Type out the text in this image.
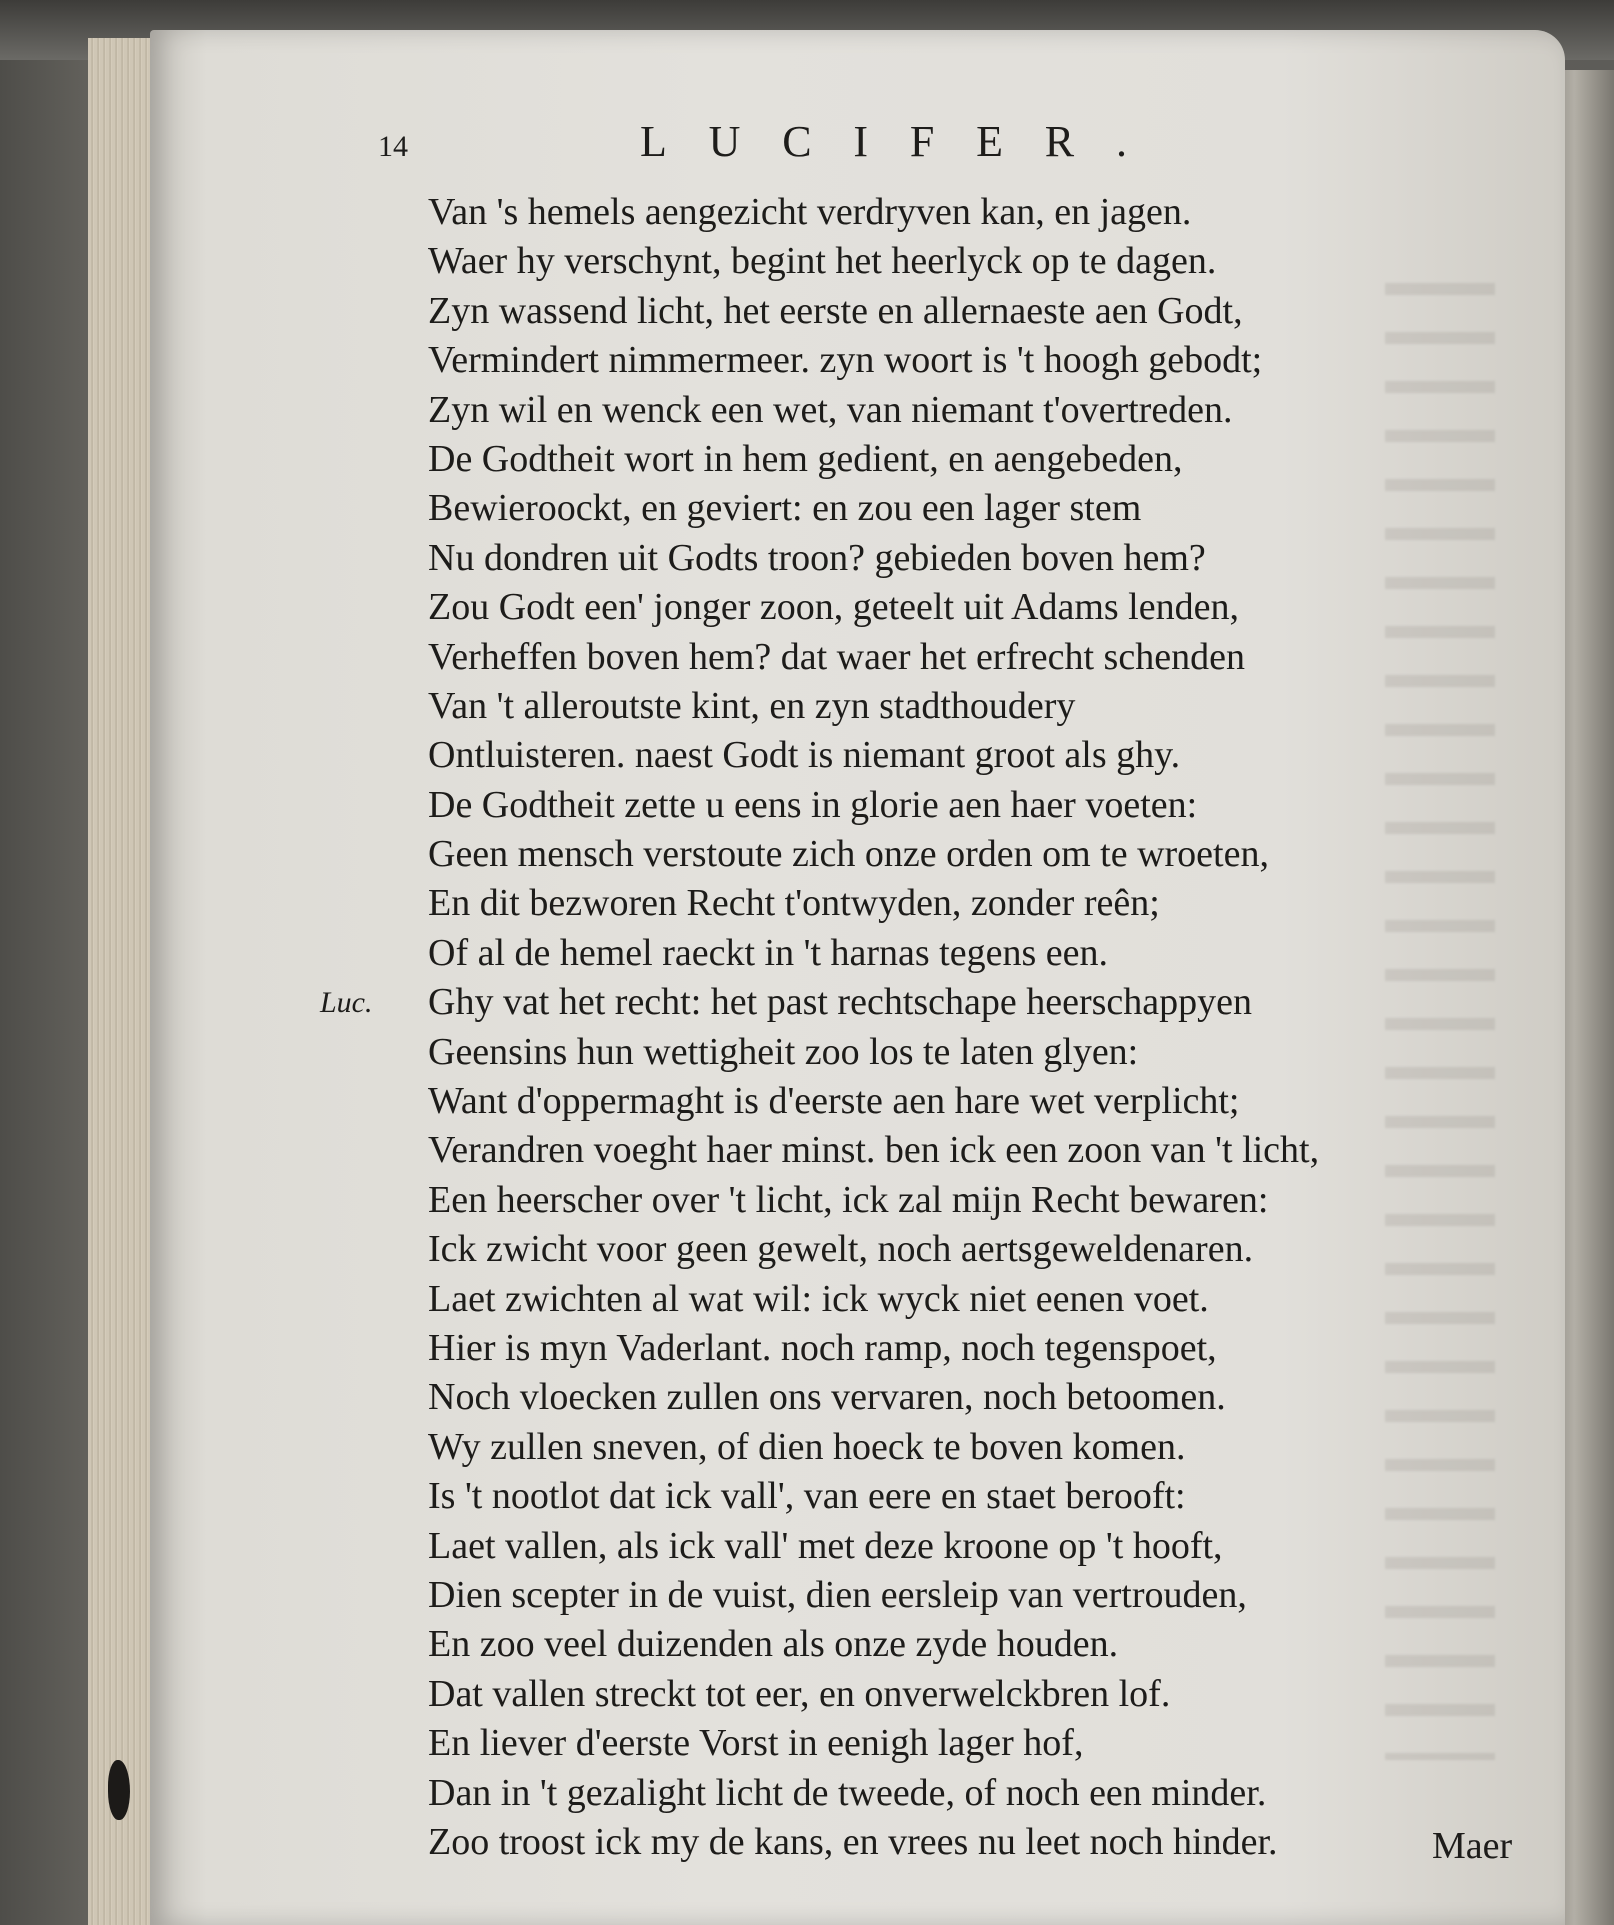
14	LUCIFER.
Van 's hemels aengezicht verdryven kan, en jagen.
Waer hy verschynt, begint het heerlyck op te dagen.
Zyn wassend licht, het eerste en allernaeste aen Godt,
Vermindert nimmermeer. zyn woort is 't hoogh gebodt;
Zyn wil en wenck een wet, van niemant t'overtreden.
De Godtheit wort in hem gedient, en aengebeden,
Bewieroockt, en geviert: en zou een lager stem
Nu dondren uit Godts troon? gebieden boven hem?
Zou Godt een' jonger zoon, geteelt uit Adams lenden,
Verheffen boven hem? dat waer het erfrecht schenden
Van 't alleroutste kint, en zyn stadthoudery
Ontluisteren. naest Godt is niemant groot als ghy.
De Godtheit zette u eens in glorie aen haer voeten:
Geen mensch verstoute zich onze orden om te wroeten,
En dit bezworen Recht t'ontwyden, zonder reên;
Of al de hemel raeckt in 't harnas tegens een.
Luc. Ghy vat het recht: het past rechtschape heerschappyen
Geensins hun wettigheit zoo los te laten glyen:
Want d'oppermaght is d'eerste aen hare wet verplicht;
Verandren voeght haer minst. ben ick een zoon van 't licht,
Een heerscher over 't licht, ick zal mijn Recht bewaren:
Ick zwicht voor geen gewelt, noch aertsgeweldenaren.
Laet zwichten al wat wil: ick wyck niet eenen voet.
Hier is myn Vaderlant. noch ramp, noch tegenspoet,
Noch vloecken zullen ons vervaren, noch betoomen.
Wy zullen sneven, of dien hoeck te boven komen.
Is 't nootlot dat ick vall', van eere en staet berooft:
Laet vallen, als ick vall' met deze kroone op 't hooft,
Dien scepter in de vuist, dien eersleip van vertrouden,
En zoo veel duizenden als onze zyde houden.
Dat vallen streckt tot eer, en onverwelckbren lof.
En liever d'eerste Vorst in eenigh lager hof,
Dan in 't gezalight licht de tweede, of noch een minder.
Zoo troost ick my de kans, en vrees nu leet noch hinder.	Maer
